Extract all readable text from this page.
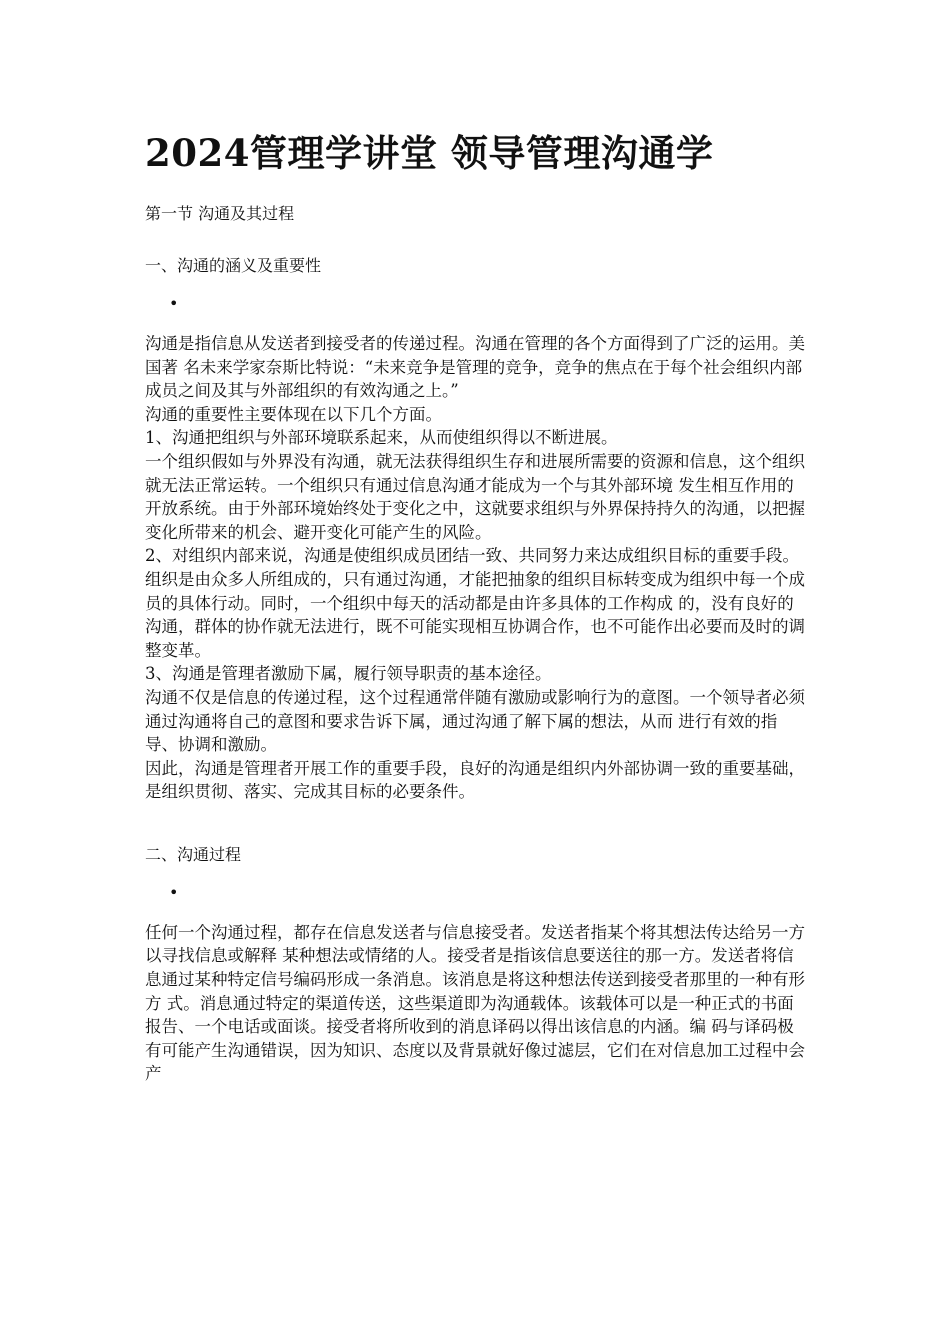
2024管理学讲堂 领导管理沟通学

第一节 沟通及其过程

一、沟通的涵义及重要性

•

沟通是指信息从发送者到接受者的传递过程。沟通在管理的各个方面得到了广泛的运用。美国著 名未来学家奈斯比特说：“未来竞争是管理的竞争，竞争的焦点在于每个社会组织内部成员之间及其与外部组织的有效沟通之上。”

沟通的重要性主要体现在以下几个方面。

1、沟通把组织与外部环境联系起来，从而使组织得以不断进展。

一个组织假如与外界没有沟通，就无法获得组织生存和进展所需要的资源和信息，这个组织就无法正常运转。一个组织只有通过信息沟通才能成为一个与其外部环境 发生相互作用的开放系统。由于外部环境始终处于变化之中，这就要求组织与外界保持持久的沟通，以把握变化所带来的机会、避开变化可能产生的风险。

2、对组织内部来说，沟通是使组织成员团结一致、共同努力来达成组织目标的重要手段。

组织是由众多人所组成的，只有通过沟通，才能把抽象的组织目标转变成为组织中每一个成员的具体行动。同时，一个组织中每天的活动都是由许多具体的工作构成 的，没有良好的沟通，群体的协作就无法进行，既不可能实现相互协调合作，也不可能作出必要而及时的调整变革。

3、沟通是管理者激励下属，履行领导职责的基本途径。

沟通不仅是信息的传递过程，这个过程通常伴随有激励或影响行为的意图。一个领导者必须通过沟通将自己的意图和要求告诉下属，通过沟通了解下属的想法，从而 进行有效的指导、协调和激励。

因此，沟通是管理者开展工作的重要手段，良好的沟通是组织内外部协调一致的重要基础，是组织贯彻、落实、完成其目标的必要条件。

二、沟通过程

•

任何一个沟通过程，都存在信息发送者与信息接受者。发送者指某个将其想法传达给另一方以寻找信息或解释 某种想法或情绪的人。接受者是指该信息要送往的那一方。发送者将信息通过某种特定信号编码形成一条消息。该消息是将这种想法传送到接受者那里的一种有形方 式。消息通过特定的渠道传送，这些渠道即为沟通载体。该载体可以是一种正式的书面报告、一个电话或面谈。接受者将所收到的消息译码以得出该信息的内涵。编 码与译码极有可能产生沟通错误，因为知识、态度以及背景就好像过滤层，它们在对信息加工过程中会产
